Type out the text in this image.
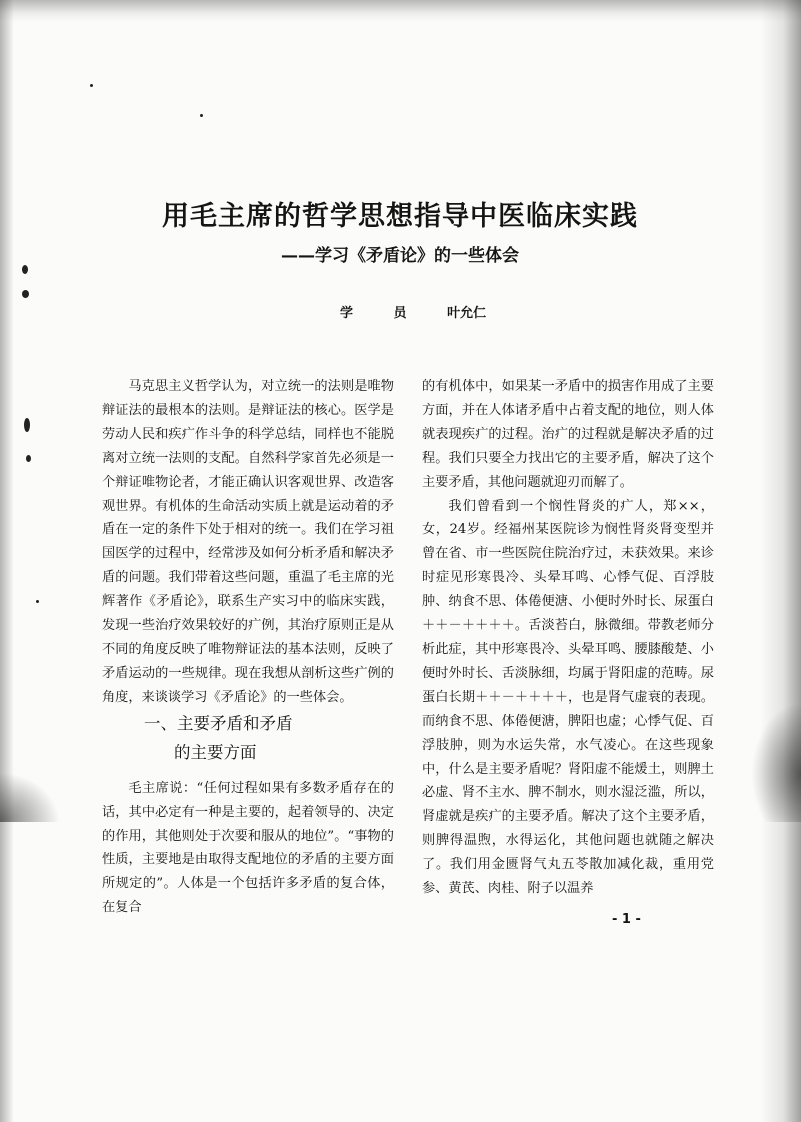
用毛主席的哲学思想指导中医临床实践
——学习《矛盾论》的一些体会
学 员 叶允仁

马克思主义哲学认为，对立统一的法则是唯物辩证法的最根本的法则。是辩证法的核心。医学是劳动人民和疾疒作斗争的科学总结，同样也不能脱离对立统一法则的支配。自然科学家首先必须是一个辩证唯物论者，才能正确认识客观世界、改造客观世界。有机体的生命活动实质上就是运动着的矛盾在一定的条件下处于相对的统一。我们在学习祖国医学的过程中，经常涉及如何分析矛盾和解决矛盾的问题。我们带着这些问题，重温了毛主席的光辉著作《矛盾论》，联系生产实习中的临床实践，发现一些治疗效果较好的疒例，其治疗原则正是从不同的角度反映了唯物辩证法的基本法则，反映了矛盾运动的一些规律。现在我想从剖析这些疒例的角度，来谈谈学习《矛盾论》的一些体会。

一、主要矛盾和矛盾
的主要方面

毛主席说：“任何过程如果有多数矛盾存在的话，其中必定有一种是主要的，起着领导的、决定的作用，其他则处于次要和服从的地位”。“事物的性质，主要地是由取得支配地位的矛盾的主要方面所规定的”。人体是一个包括许多矛盾的复合体，在复合

的有机体中，如果某一矛盾中的损害作用成了主要方面，并在人体诸矛盾中占着支配的地位，则人体就表现疾疒的过程。治疒的过程就是解决矛盾的过程。我们只要全力找出它的主要矛盾，解决了这个主要矛盾，其他问题就迎刃而解了。

我们曾看到一个悯性肾炎的疒人，郑××，女，24岁。经福州某医院诊为悯性肾炎肾变型并曾在省、市一些医院住院治疗过，未获效果。来诊时症见形寒畏冷、头晕耳鸣、心悸气促、百浮肢肿、纳食不思、体倦便溏、小便时外时长、尿蛋白＋＋－＋＋＋＋。舌淡苔白，脉微细。带教老师分析此症，其中形寒畏冷、头晕耳鸣、腰膝酸楚、小便时外时长、舌淡脉细，均属于肾阳虚的范畴。尿蛋白长期＋＋－＋＋＋＋，也是肾气虚衰的表现。而纳食不思、体倦便溏，脾阳也虚；心悸气促、百浮肢肿，则为水运失常，水气凌心。在这些现象中，什么是主要矛盾呢？肾阳虚不能煖土，则脾土必虚、肾不主水、脾不制水，则水湿泛滥，所以，肾虚就是疾疒的主要矛盾。解决了这个主要矛盾，则脾得温煦，水得运化，其他问题也就随之解决了。我们用金匮肾气丸五苓散加减化裁，重用党参、黄芪、肉桂、附子以温养

- 1 -
